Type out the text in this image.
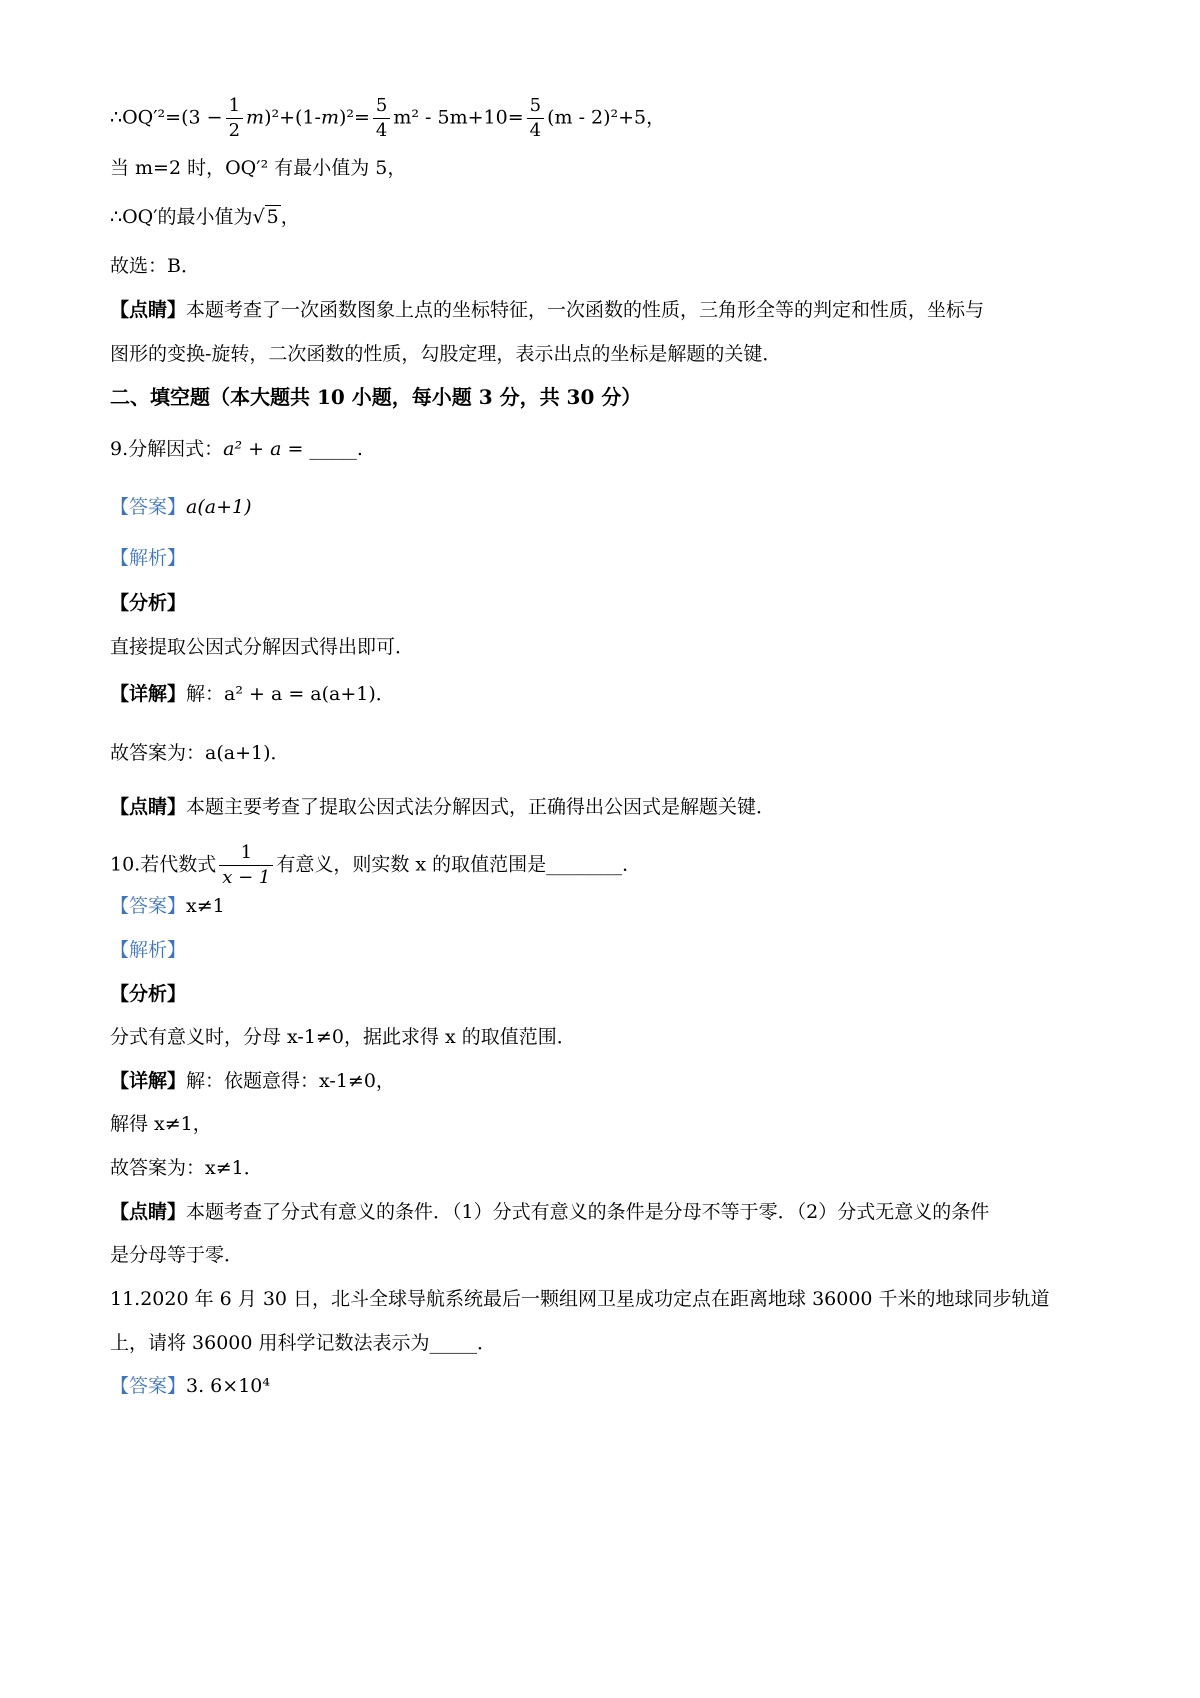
∴OQ′²=(3 − $\frac{1}{2} m)^2+(1-m)^2= \frac{5}{4} m^2 - 5m+10= \frac{5}{4} (m - 2)^2+5$，
当 m=2 时，OQ′² 有最小值为 5，
∴OQ′的最小值为√ 5 ，
故选：B．
【点睛】本题考查了一次函数图象上点的坐标特征，一次函数的性质，三角形全等的判定和性质，坐标与
图形的变换-旋转，二次函数的性质，勾股定理，表示出点的坐标是解题的关键．
二、填空题（本大题共 10 小题，每小题 3 分，共 30 分）
9.分解因式：a² + a = _____.
【答案】a(a+1)
【解析】
【分析】
直接提取公因式分解因式得出即可．
【详解】解：a² + a = a(a+1)．
故答案为：a(a+1)．
【点睛】本题主要考查了提取公因式法分解因式，正确得出公因式是解题关键．
10.若代数式 $\frac{1}{x - 1}$ 有意义，则实数 x 的取值范围是________．
【答案】x≠1
【解析】
【分析】
分式有意义时，分母 x-1≠0，据此求得 x 的取值范围．
【详解】解：依题意得：x-1≠0，
解得 x≠1，
故答案为：x≠1．
【点睛】本题考查了分式有意义的条件．（1）分式有意义的条件是分母不等于零．（2）分式无意义的条件
是分母等于零．
11.2020 年 6 月 30 日，北斗全球导航系统最后一颗组网卫星成功定点在距离地球 36000 千米的地球同步轨道
上，请将 36000 用科学记数法表示为_____．
【答案】3. 6×10⁴
